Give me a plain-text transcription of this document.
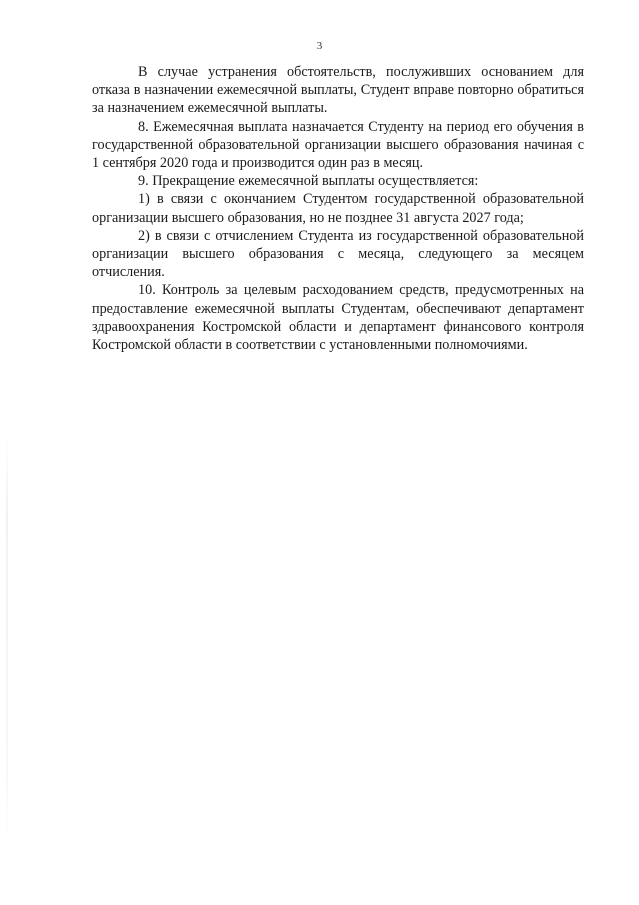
3

В случае устранения обстоятельств, послуживших основанием для отказа в назначении ежемесячной выплаты, Студент вправе повторно обратиться за назначением ежемесячной выплаты.

8. Ежемесячная выплата назначается Студенту на период его обучения в государственной образовательной организации высшего образования начиная с 1 сентября 2020 года и производится один раз в месяц.

9. Прекращение ежемесячной выплаты осуществляется:

1) в связи с окончанием Студентом государственной образовательной организации высшего образования, но не позднее 31 августа 2027 года;

2) в связи с отчислением Студента из государственной образовательной организации высшего образования с месяца, следующего за месяцем отчисления.

10. Контроль за целевым расходованием средств, предусмотренных на предоставление ежемесячной выплаты Студентам, обеспечивают департамент здравоохранения Костромской области и департамент финансового контроля Костромской области в соответствии с установленными полномочиями.
